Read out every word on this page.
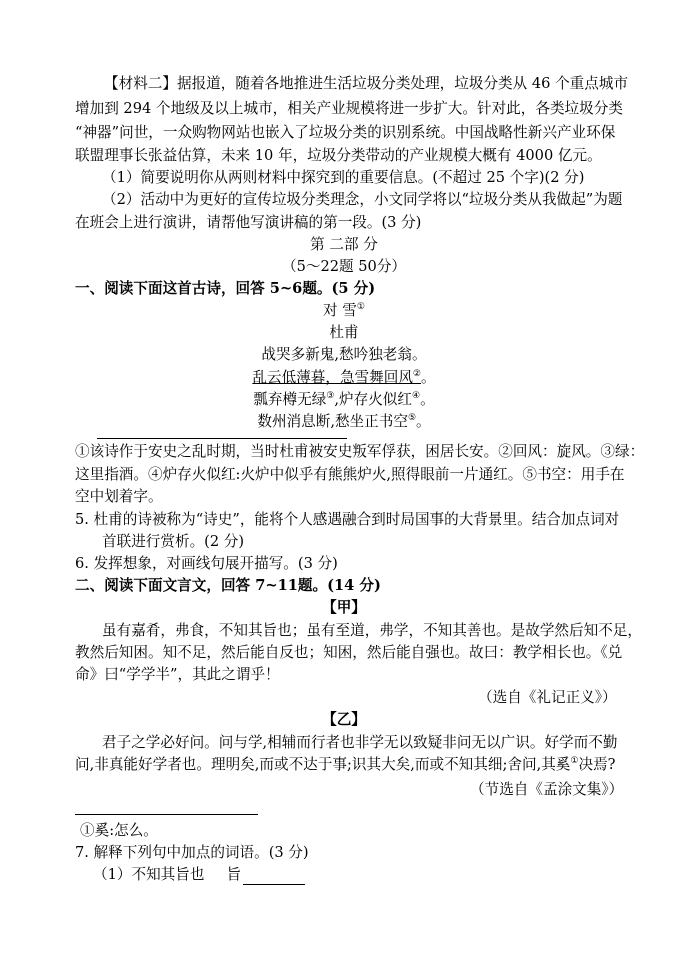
【材料二】据报道，随着各地推进生活垃圾分类处理，垃圾分类从 46 个重点城市
增加到 294 个地级及以上城市，相关产业规模将进一步扩大。针对此，各类垃圾分类
“神器”问世，一众购物网站也嵌入了垃圾分类的识别系统。中国战略性新兴产业环保
联盟理事长张益估算，未来 10 年，垃圾分类带动的产业规模大概有 4000 亿元。
（1）简要说明你从两则材料中探究到的重要信息。(不超过 25 个字)(2 分)
（2）活动中为更好的宣传垃圾分类理念，小文同学将以“垃圾分类从我做起”为题
在班会上进行演讲，请帮他写演讲稿的第一段。(3 分)
第 二部 分
（5～22题 50分）
一、阅读下面这首古诗，回答 5~6题。(5 分)
对 雪①
杜甫
战哭多新鬼,愁吟独老翁。
乱云低薄暮，急雪舞回风②。
瓢弃樽无绿③,炉存火似红④。
数州消息断,愁坐正书空⑤。
①该诗作于安史之乱时期，当时杜甫被安史叛军俘获，困居长安。②回风：旋风。③绿：
这里指酒。④炉存火似红:火炉中似乎有熊熊炉火,照得眼前一片通红。⑤书空：用手在
空中划着字。
5. 杜甫的诗被称为“诗史”，能将个人感遇融合到时局国事的大背景里。结合加点词对
首联进行赏析。(2 分)
6. 发挥想象，对画线句展开描写。(3 分)
二、阅读下面文言文，回答 7~11题。(14 分)
【甲】
虽有嘉肴，弗食，不知其旨也；虽有至道，弗学，不知其善也。是故学然后知不足，
教然后知困。知不足，然后能自反也；知困，然后能自强也。故曰：教学相长也。《兑
命》曰“学学半”，其此之谓乎！
（选自《礼记正义》）
【乙】
君子之学必好问。问与学,相辅而行者也非学无以致疑非问无以广识。好学而不勤
问,非真能好学者也。理明矣,而或不达于事;识其大矣,而或不知其细;舍问,其奚①决焉?
（节选自《孟涂文集》）
①奚:怎么。
7. 解释下列句中加点的词语。(3 分)
（1）不知其旨也 旨
